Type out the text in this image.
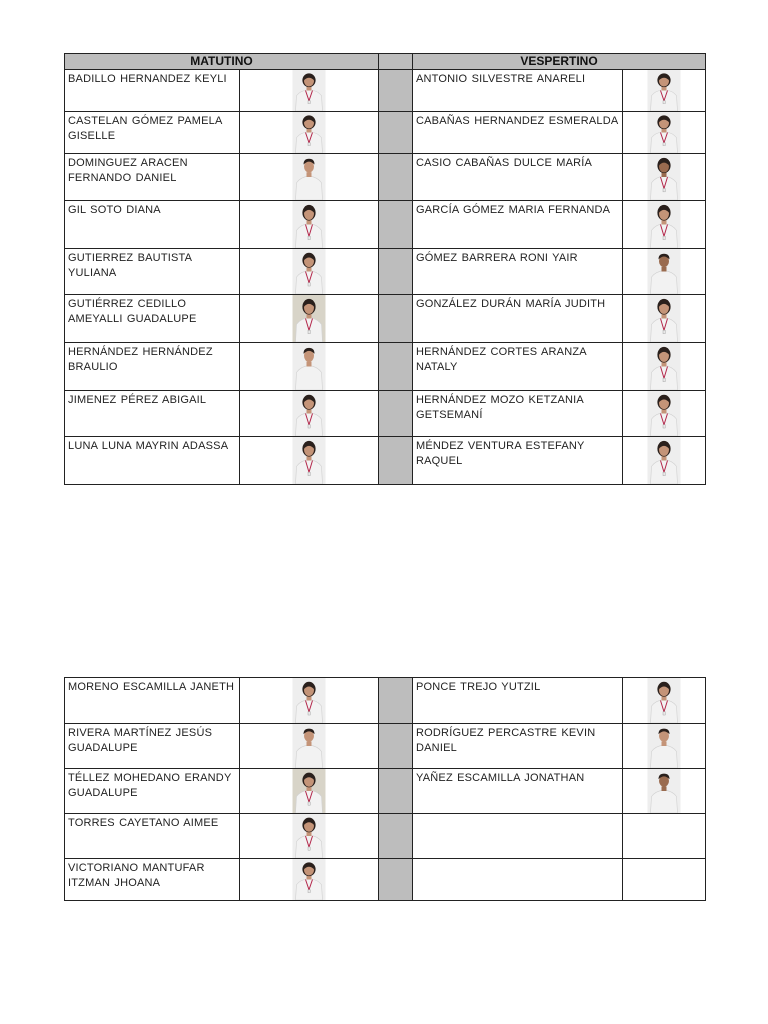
MATUTINO			VESPERTINO	
BADILLO HERNANDEZ KEYLI			ANTONIO SILVESTRE ANARELI	

CASTELAN GÓMEZ PAMELA GISELLE			CABAÑAS HERNANDEZ ESMERALDA	

DOMINGUEZ ARACEN FERNANDO DANIEL			CASIO CABAÑAS DULCE MARÍA	

GIL SOTO DIANA			GARCÍA GÓMEZ MARIA FERNANDA	

GUTIERREZ BAUTISTA YULIANA			GÓMEZ BARRERA RONI YAIR	

GUTIÉRREZ CEDILLO AMEYALLI GUADALUPE			GONZÁLEZ DURÁN MARÍA JUDITH	

HERNÁNDEZ HERNÁNDEZ BRAULIO			HERNÁNDEZ CORTES ARANZA NATALY	

JIMENEZ PÉREZ ABIGAIL			HERNÁNDEZ MOZO KETZANIA GETSEMANÍ	

LUNA LUNA MAYRIN ADASSA			MÉNDEZ VENTURA ESTEFANY RAQUEL	
MORENO ESCAMILLA JANETH			PONCE TREJO YUTZIL	

RIVERA MARTÍNEZ JESÚS GUADALUPE			RODRÍGUEZ PERCASTRE KEVIN DANIEL	

TÉLLEZ MOHEDANO ERANDY GUADALUPE			YAÑEZ ESCAMILLA JONATHAN	

TORRES CAYETANO AIMEE	

VICTORIANO MANTUFAR ITZMAN JHOANA	
